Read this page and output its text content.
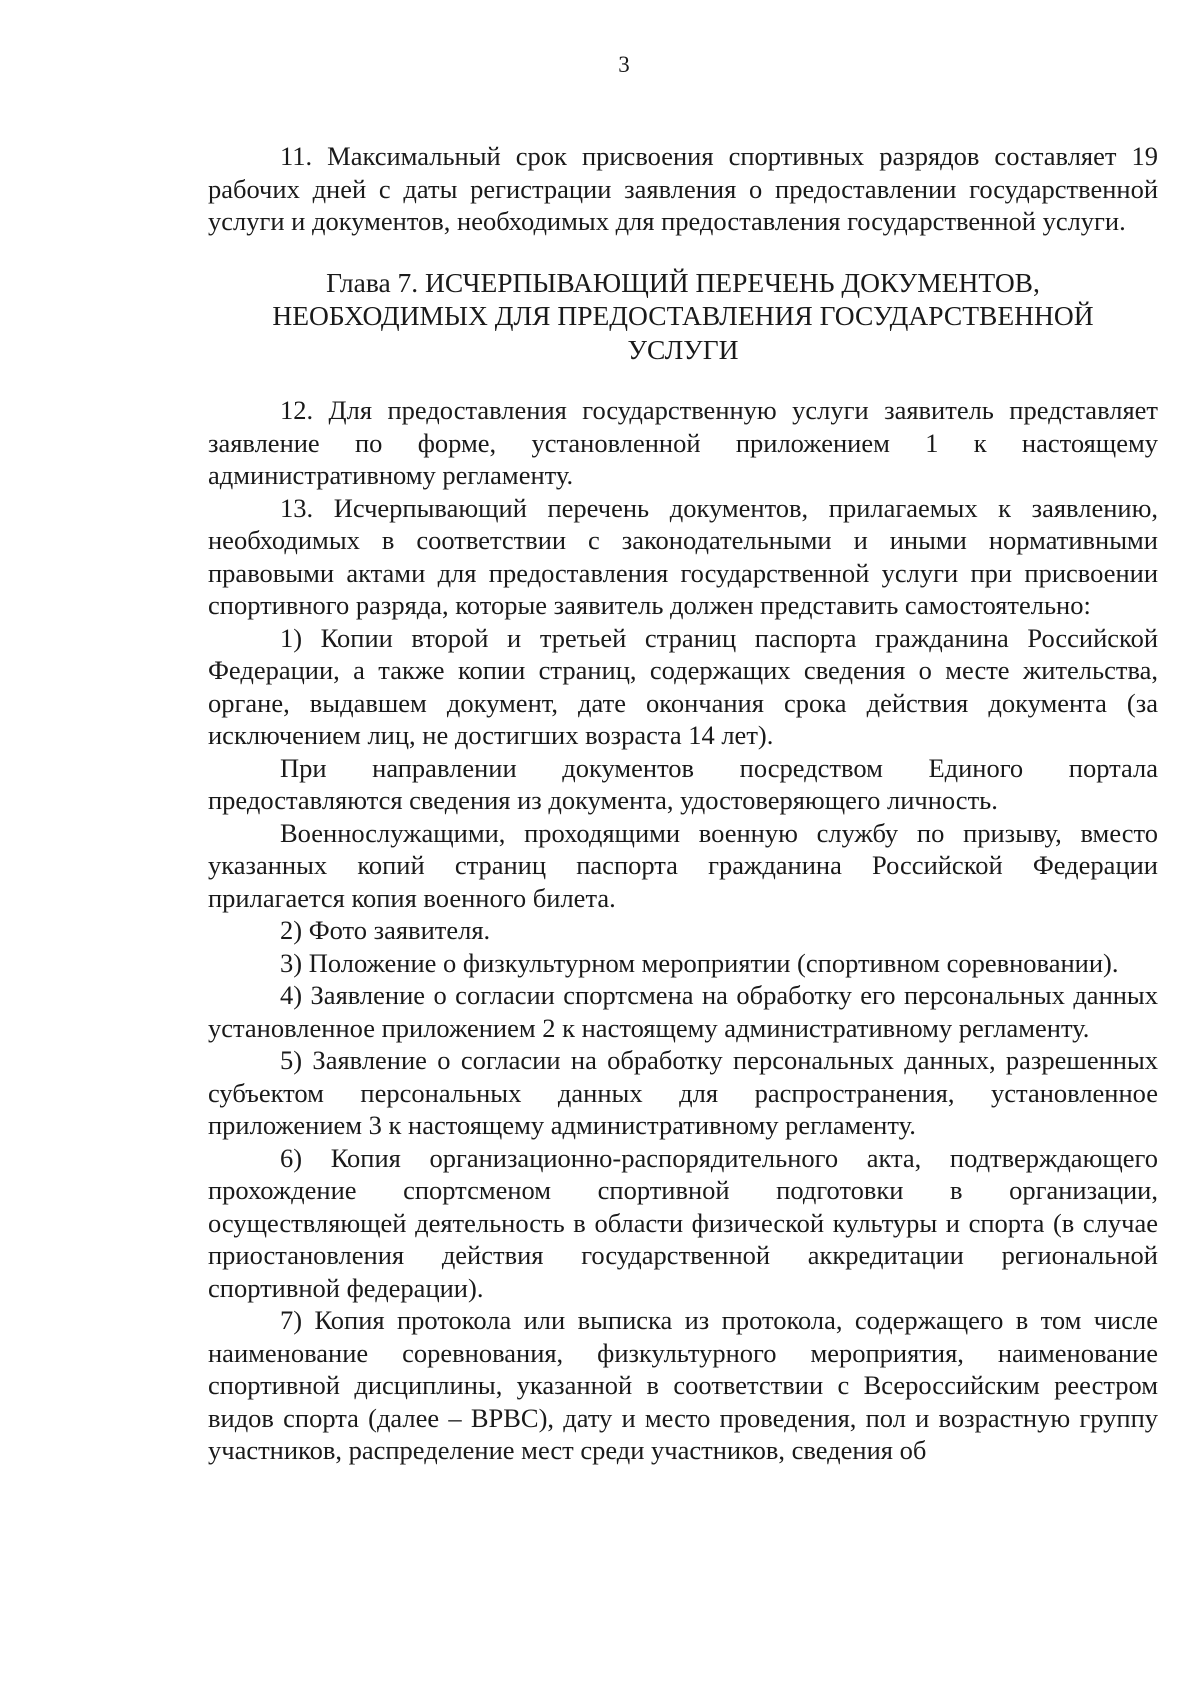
3

11. Максимальный срок присвоения спортивных разрядов составляет 19 рабочих дней с даты регистрации заявления о предоставлении государственной услуги и документов, необходимых для предоставления государственной услуги.

Глава 7. ИСЧЕРПЫВАЮЩИЙ ПЕРЕЧЕНЬ ДОКУМЕНТОВ,
НЕОБХОДИМЫХ ДЛЯ ПРЕДОСТАВЛЕНИЯ ГОСУДАРСТВЕННОЙ
УСЛУГИ

12. Для предоставления государственную услуги заявитель представляет заявление по форме, установленной приложением 1 к настоящему административному регламенту.

13. Исчерпывающий перечень документов, прилагаемых к заявлению, необходимых в соответствии с законодательными и иными нормативными правовыми актами для предоставления государственной услуги при присвоении спортивного разряда, которые заявитель должен представить самостоятельно:

1) Копии второй и третьей страниц паспорта гражданина Российской Федерации, а также копии страниц, содержащих сведения о месте жительства, органе, выдавшем документ, дате окончания срока действия документа (за исключением лиц, не достигших возраста 14 лет).

При направлении документов посредством Единого портала предоставляются сведения из документа, удостоверяющего личность.

Военнослужащими, проходящими военную службу по призыву, вместо указанных копий страниц паспорта гражданина Российской Федерации прилагается копия военного билета.

2) Фото заявителя.

3) Положение о физкультурном мероприятии (спортивном соревновании).

4) Заявление о согласии спортсмена на обработку его персональных данных установленное приложением 2 к настоящему административному регламенту.

5) Заявление о согласии на обработку персональных данных, разрешенных субъектом персональных данных для распространения, установленное приложением 3 к настоящему административному регламенту.

6) Копия организационно-распорядительного акта, подтверждающего прохождение спортсменом спортивной подготовки в организации, осуществляющей деятельность в области физической культуры и спорта (в случае приостановления действия государственной аккредитации региональной спортивной федерации).

7) Копия протокола или выписка из протокола, содержащего в том числе наименование соревнования, физкультурного мероприятия, наименование спортивной дисциплины, указанной в соответствии с Всероссийским реестром видов спорта (далее – ВРВС), дату и место проведения, пол и возрастную группу участников, распределение мест среди участников, сведения об
